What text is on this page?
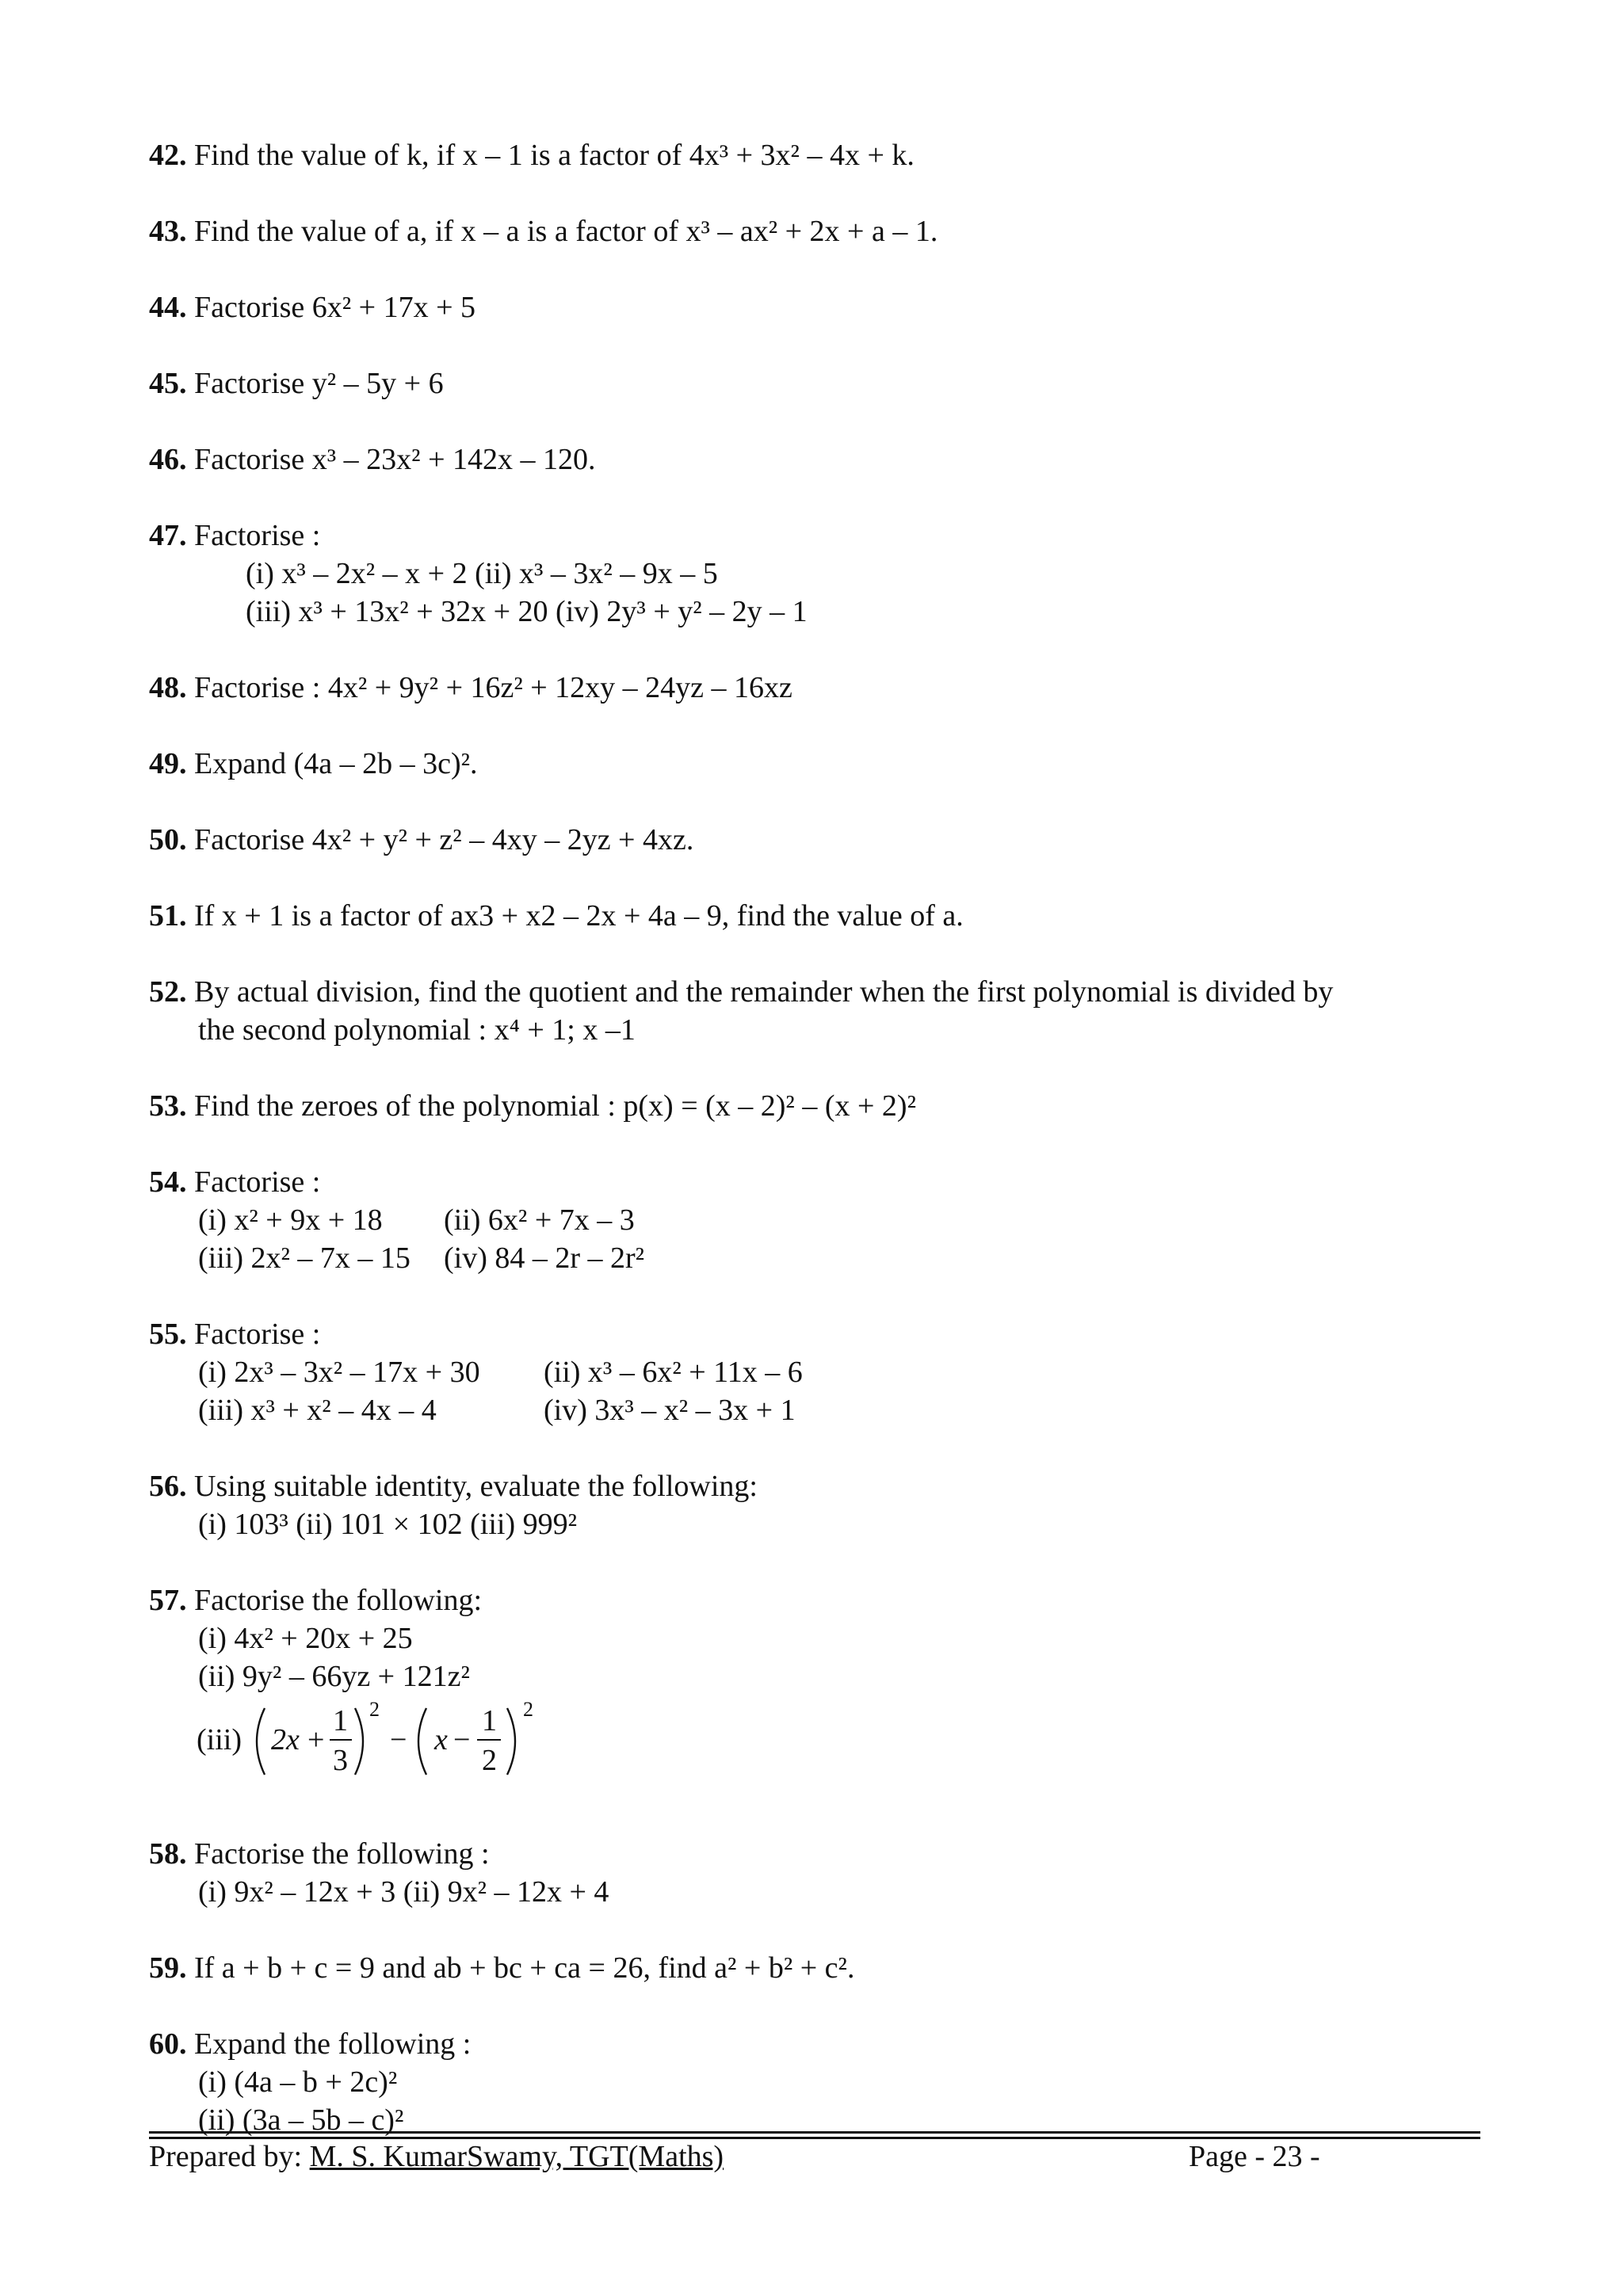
42. Find the value of k, if x – 1 is a factor of 4x³ + 3x² – 4x + k.
43. Find the value of a, if x – a is a factor of x³ – ax² + 2x + a – 1.
44. Factorise 6x² + 17x + 5
45. Factorise y² – 5y + 6
46. Factorise x³ – 23x² + 142x – 120.
47. Factorise :
(i) x³ – 2x² – x + 2 (ii) x³ – 3x² – 9x – 5
(iii) x³ + 13x² + 32x + 20 (iv) 2y³ + y² – 2y – 1
48. Factorise : 4x² + 9y² + 16z² + 12xy – 24yz – 16xz
49. Expand (4a – 2b – 3c)².
50. Factorise 4x² + y² + z² – 4xy – 2yz + 4xz.
51. If x + 1 is a factor of ax3 + x2 – 2x + 4a – 9, find the value of a.
52. By actual division, find the quotient and the remainder when the first polynomial is divided by
the second polynomial : x⁴ + 1; x –1
53. Find the zeroes of the polynomial : p(x) = (x – 2)² – (x + 2)²
54. Factorise :
(i) x² + 9x + 18 (ii) 6x² + 7x – 3
(iii) 2x² – 7x – 15 (iv) 84 – 2r – 2r²
55. Factorise :
(i) 2x³ – 3x² – 17x + 30 (ii) x³ – 6x² + 11x – 6
(iii) x³ + x² – 4x – 4	(iv) 3x³ – x² – 3x + 1
56. Using suitable identity, evaluate the following:
(i) 103³ (ii) 101 × 102 (iii) 999²
57. Factorise the following:
(i) 4x² + 20x + 25
(ii) 9y² – 66yz + 121z²
(iii) 2x +
1
3
2
− x −
1
2
2
58. Factorise the following :
(i) 9x² – 12x + 3 (ii) 9x² – 12x + 4
59. If a + b + c = 9 and ab + bc + ca = 26, find a² + b² + c².
60. Expand the following :
(i) (4a – b + 2c)²
(ii) (3a – 5b – c)²
Prepared by: M. S. KumarSwamy, TGT(Maths)	Page - 23 -
